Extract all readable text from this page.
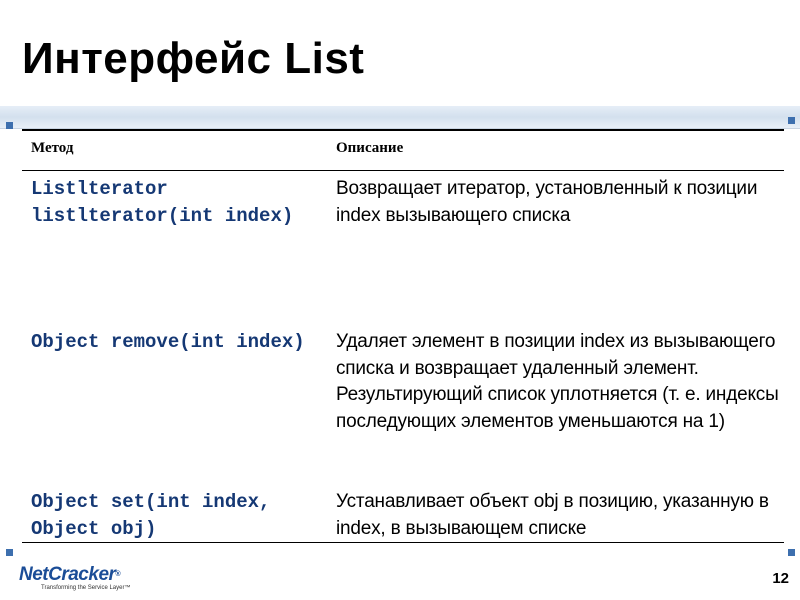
Интерфейс List
Метод	Описание
Listlterator listlterator(int index)	Возвращает итератор, установленный к позиции index вызывающего списка
Object remove(int index)	Удаляет элемент в позиции index из вызывающего списка и возвращает удаленный элемент. Результирующий список уплотняется (т. е. индексы последующих элементов уменьшаются на 1)
Object set(int index, Object obj)	Устанавливает объект obj в позицию, указанную в index, в вызывающем списке
NetCracker®
Transforming the Service Layer™
12
